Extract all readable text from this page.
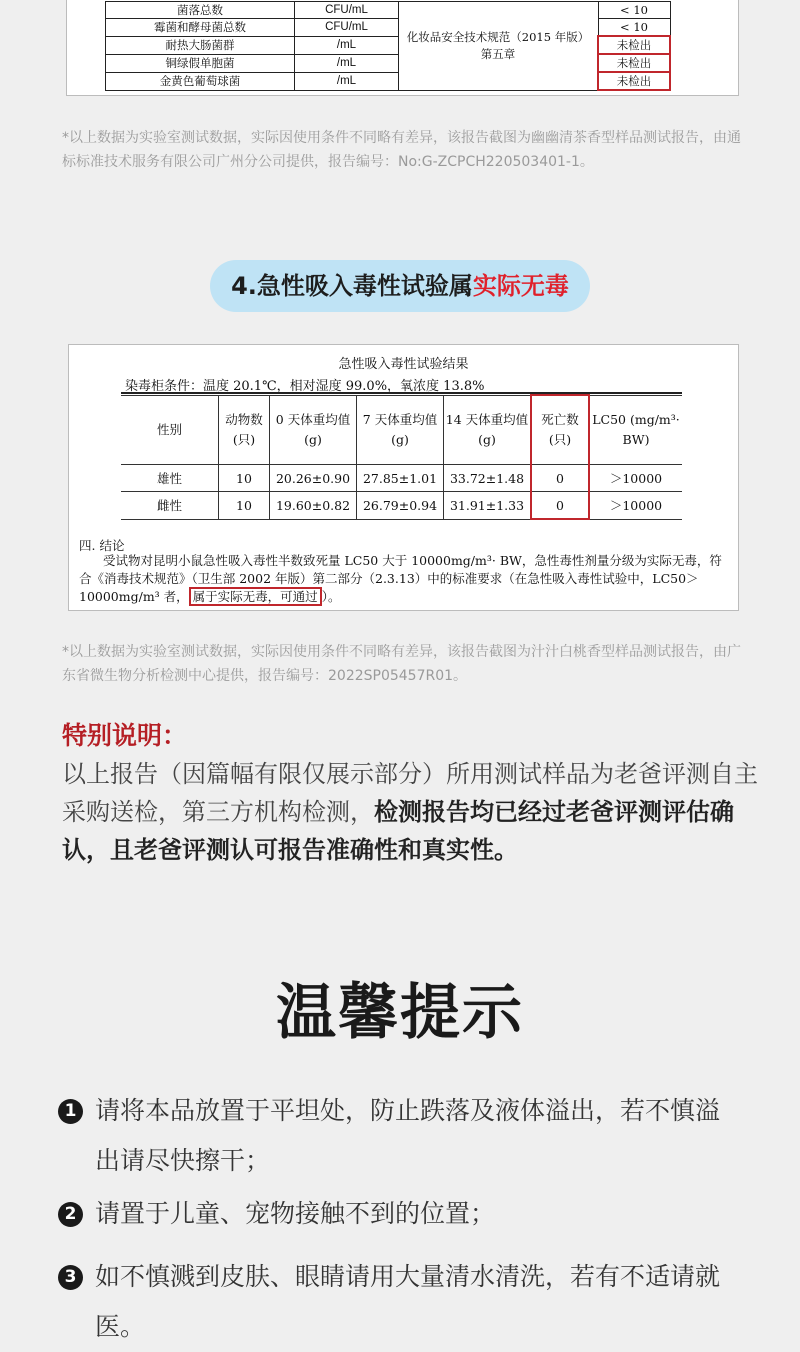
菌落总数	CFU/mL	化妆品安全技术规范（2015 年版）第五章	< 10
霉菌和酵母菌总数	CFU/mL		< 10
耐热大肠菌群	/mL		未检出
铜绿假单胞菌	/mL		未检出
金黄色葡萄球菌	/mL		未检出
*以上数据为实验室测试数据，实际因使用条件不同略有差异，该报告截图为幽幽清茶香型样品测试报告，由通标标准技术服务有限公司广州分公司提供，报告编号：No:G-ZCPCH220503401-1。
4.急性吸入毒性试验属实际无毒
急性吸入毒性试验结果
染毒柜条件：温度 20.1℃，相对湿度 99.0%，氧浓度 13.8%

性别	动物数(只)	0 天体重均值(g)	7 天体重均值(g)	14 天体重均值(g)	死亡数(只)	LC50 (mg/m³· BW)
雄性	10	20.26±0.90	27.85±1.01	33.72±1.48	0	＞10000
雌性	10	19.60±0.82	26.79±0.94	31.91±1.33	0	＞10000
四. 结论
受试物对昆明小鼠急性吸入毒性半数致死量 LC50 大于 10000mg/m³· BW，急性毒性剂量分级为实际无毒，符合《消毒技术规范》（卫生部 2002 年版）第二部分（2.3.13）中的标准要求（在急性吸入毒性试验中，LC50＞10000mg/m³ 者， 属于实际无毒，可通过 ）。
*以上数据为实验室测试数据，实际因使用条件不同略有差异，该报告截图为汁汁白桃香型样品测试报告，由广东省微生物分析检测中心提供，报告编号：2022SP05457R01。
特别说明：
以上报告（因篇幅有限仅展示部分）所用测试样品为老爸评测自主采购送检，第三方机构检测，检测报告均已经过老爸评测评估确认，且老爸评测认可报告准确性和真实性。
温馨提示
1 请将本品放置于平坦处，防止跌落及液体溢出，若不慎溢出请尽快擦干；
2 请置于儿童、宠物接触不到的位置；
3 如不慎溅到皮肤、眼睛请用大量清水清洗，若有不适请就医。
